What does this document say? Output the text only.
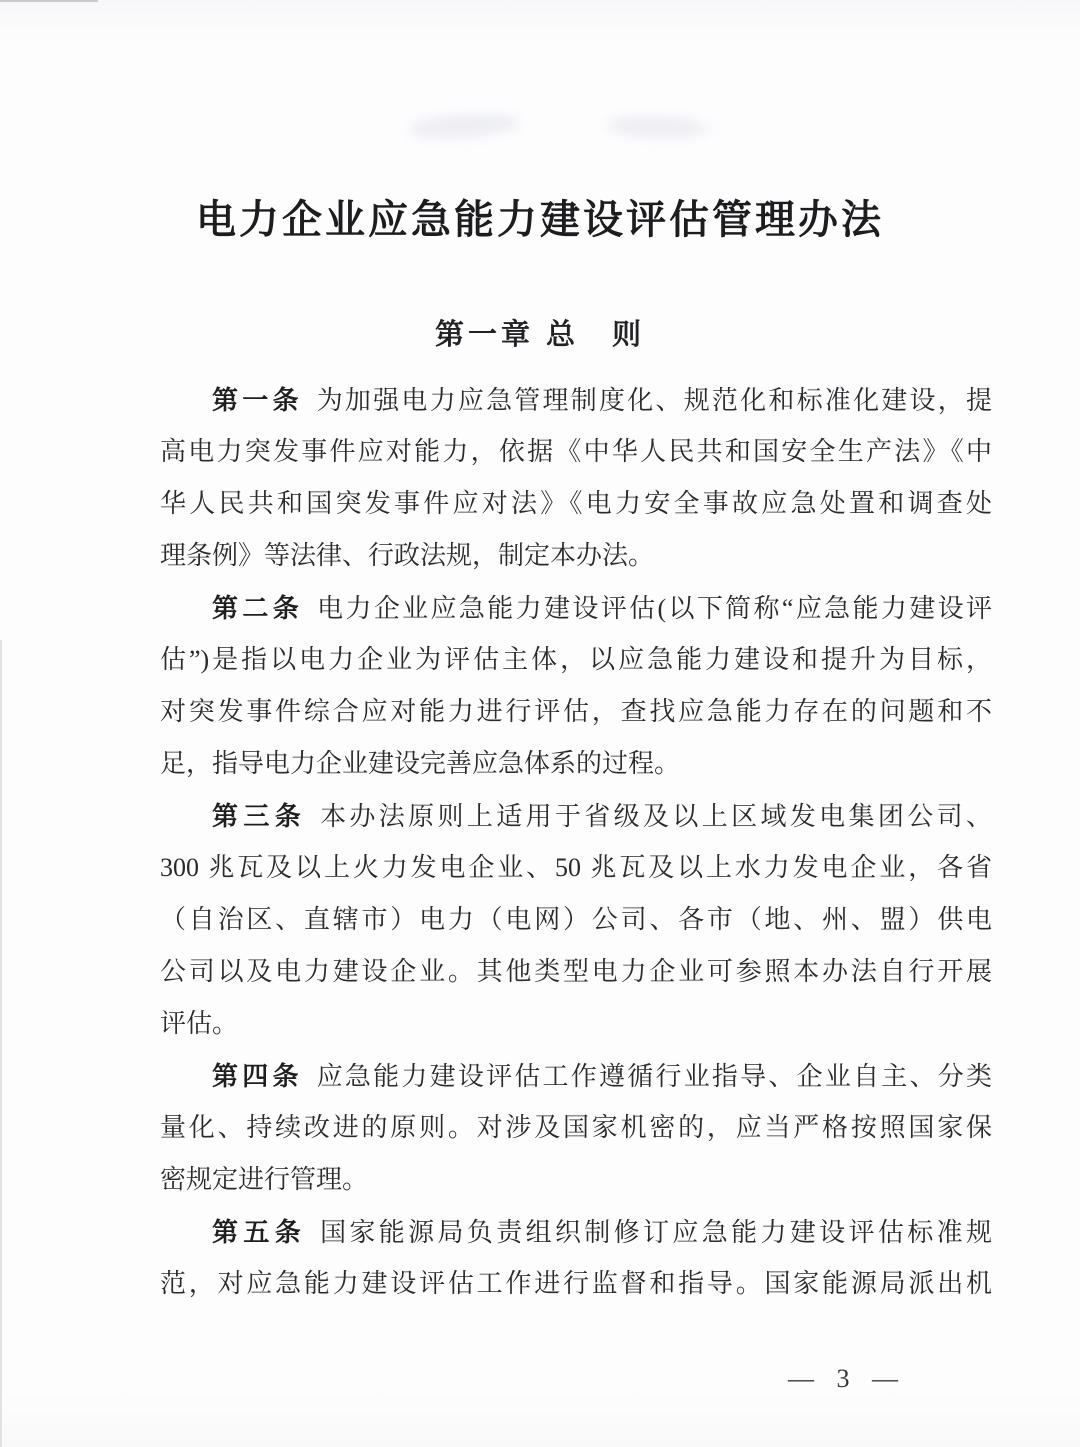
电力企业应急能力建设评估管理办法
第一章 总　则
第一条 为加强电力应急管理制度化、规范化和标准化建设，提
高电力突发事件应对能力，依据《中华人民共和国安全生产法》《中
华人民共和国突发事件应对法》《电力安全事故应急处置和调查处
理条例》等法律、行政法规，制定本办法。
第二条 电力企业应急能力建设评估(以下简称“应急能力建设评
估”)是指以电力企业为评估主体，以应急能力建设和提升为目标，
对突发事件综合应对能力进行评估，查找应急能力存在的问题和不
足，指导电力企业建设完善应急体系的过程。
第三条 本办法原则上适用于省级及以上区域发电集团公司、
300 兆瓦及以上火力发电企业、50 兆瓦及以上水力发电企业，各省
（自治区、直辖市）电力（电网）公司、各市（地、州、盟）供电
公司以及电力建设企业。其他类型电力企业可参照本办法自行开展
评估。
第四条 应急能力建设评估工作遵循行业指导、企业自主、分类
量化、持续改进的原则。对涉及国家机密的，应当严格按照国家保
密规定进行管理。
第五条 国家能源局负责组织制修订应急能力建设评估标准规
范，对应急能力建设评估工作进行监督和指导。国家能源局派出机
— 3 —
